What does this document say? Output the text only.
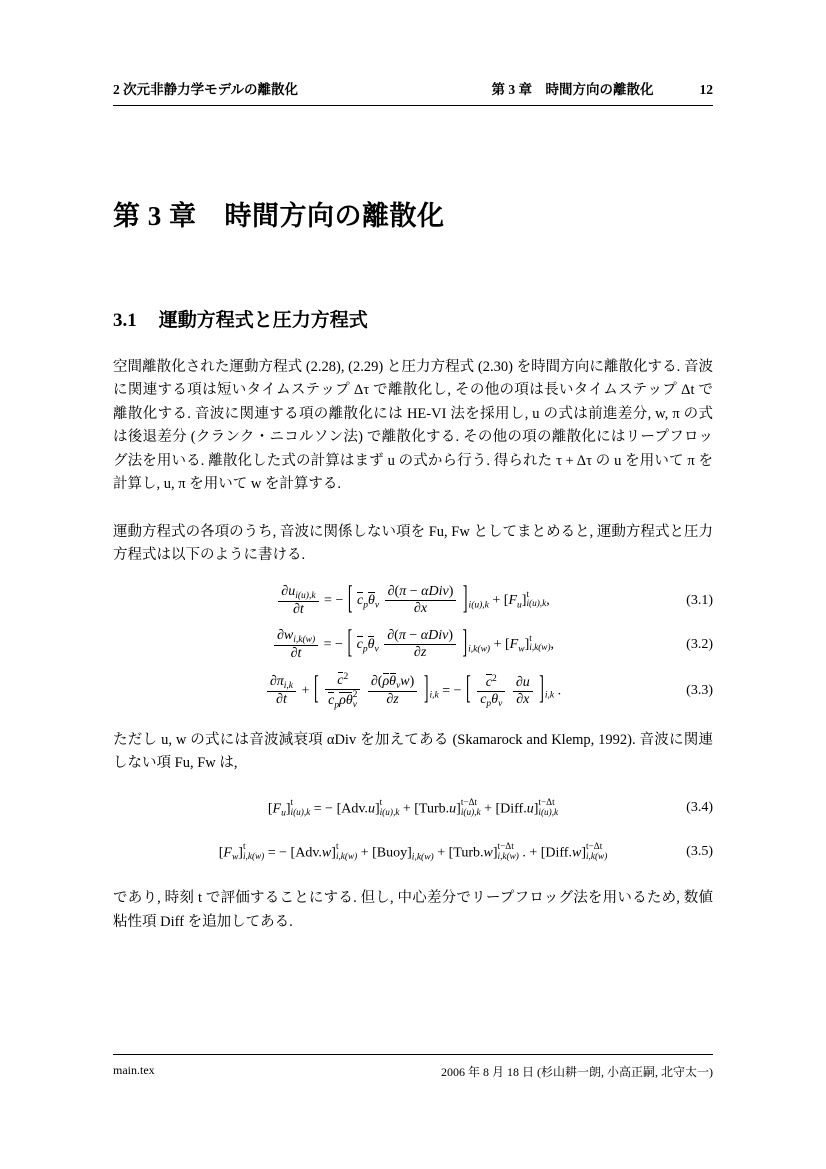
2 次元非静力学モデルの離散化	第 3 章　時間方向の離散化	12
第 3 章 時間方向の離散化
3.1 運動方程式と圧力方程式

空間離散化された運動方程式 (2.28), (2.29) と圧力方程式 (2.30) を時間方向に離散化する. 音波に関連する項は短いタイムステップ Δτ で離散化し, その他の項は長いタイムステップ Δt で離散化する. 音波に関連する項の離散化には HE-VI 法を採用し, u の式は前進差分, w, π の式は後退差分 (クランク・ニコルソン法) で離散化する. その他の項の離散化にはリープフロッグ法を用いる. 離散化した式の計算はまず u の式から行う. 得られた τ + Δτ の u を用いて π を計算し, u, π を用いて w を計算する.

運動方程式の各項のうち, 音波に関係しない項を Fu, Fw としてまとめると, 運動方程式と圧力方程式は以下のように書ける.

$\frac{\partial u_{i(u),k}}{\partial t}$ = − [ $c_p\theta_v \frac{\text{∂(π − αDiv)}}{\partial x} ]_{i(u),k} + [F_u]$ t
i(u),k ,	(3.1)
$\frac{\partial w_{i,k(w)}}{\partial t}$ = − [ $c_p\theta_v \frac{\text{∂(π − αDiv)}}{\partial z} ]_{i,k(w)} + [F_w]$ t
i,k(w) ,	(3.2)
$\frac{\partial\pi_{i,k}}{\partial t}$ + [ $c^2$
$c_p\rho\theta$ 2
v
$\frac{\partial(\rho\theta_vw)}{\partial z} ]_{i,k}$ = − [ $\frac{c^2}{c_p\theta_v}$
$\frac{\partial u}{\partial x} ]_{i,k}$ .	(3.3)

ただし u, w の式には音波減衰項 αDiv を加えてある (Skamarock and Klemp, 1992). 音波に関連しない項 Fu, Fw は,

$[F_u]$ t
i(u),k = − [Adv.u] t
i(u),k + [Turb.u] t−Δt
i(u),k + [Diff.u] t−Δt
i(u),k	(3.4)
$[F_w]$ t
i,k(w) = − [Adv.w] t
$i,k(w) + [Buoy]_{i,k(w)}$ + [Turb.w] t−Δt
i,k(w) . + [Diff.w] t−Δt
i,k(w)	(3.5)

であり, 時刻 t で評価することにする. 但し, 中心差分でリープフロッグ法を用いるため, 数値粘性項 Diff を追加してある.

main.tex	2006 年 8 月 18 日 (杉山耕一朗, 小高正嗣, 北守太一)
